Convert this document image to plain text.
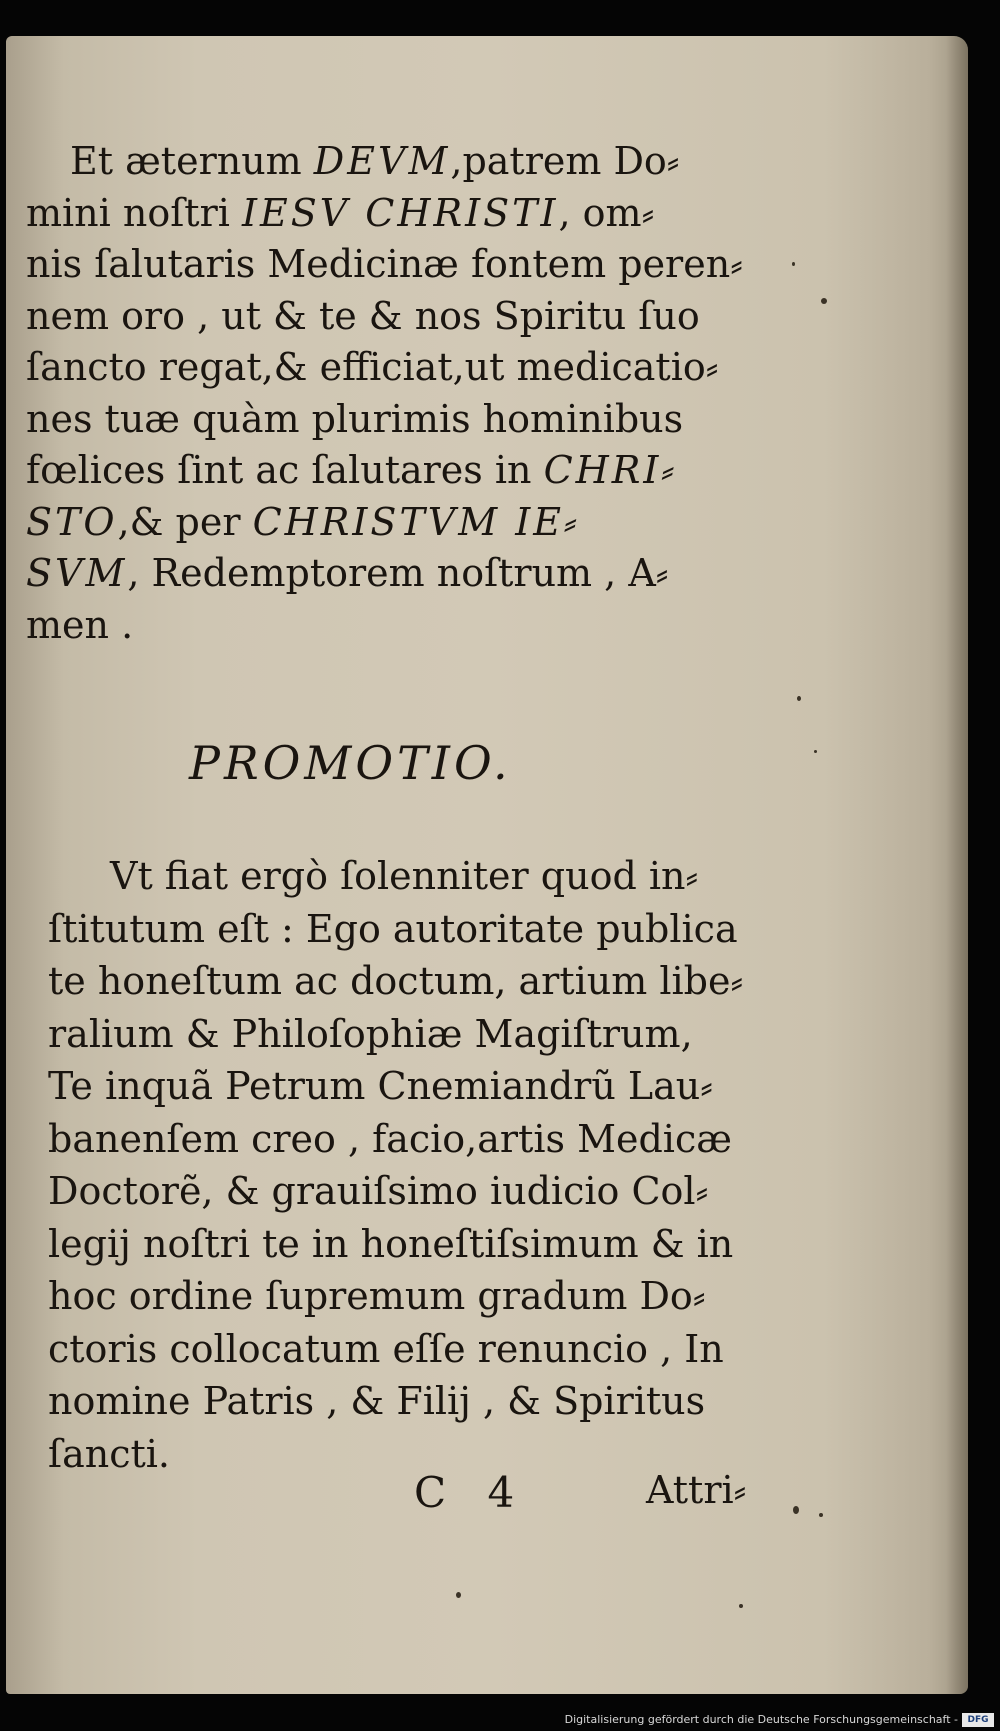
Et æternum DEVM,patrem Do⸗

mini noſtri IESV CHRISTI, om⸗

nis ſalutaris Medicinæ fontem peren⸗

nem oro , ut & te & nos Spiritu ſuo

ſancto regat,& efficiat,ut medicatio⸗

nes tuæ quàm plurimis hominibus

fœlices ſint ac ſalutares in CHRI⸗

STO,& per CHRISTVM IE⸗

SVM, Redemptorem noſtrum , A⸗

men .

PROMOTIO.

Vt fiat ergò ſolenniter quod in⸗

ſtitutum eſt : Ego autoritate publica

te honeſtum ac doctum, artium libe⸗

ralium & Philoſophiæ Magiſtrum,

Te inquã Petrum Cnemiandrũ Lau⸗

banenſem creo , facio,artis Medicæ

Doctorẽ, & grauiſsimo iudicio Col⸗

legij noſtri te in honeſtiſsimum & in

hoc ordine ſupremum gradum Do⸗

ctoris collocatum eſſe renuncio , In

nomine Patris , & Filij , & Spiritus

ſancti.

C 4	Attri⸗
Digitalisierung gefördert durch die Deutsche Forschungsgemeinschaft -	DFG
